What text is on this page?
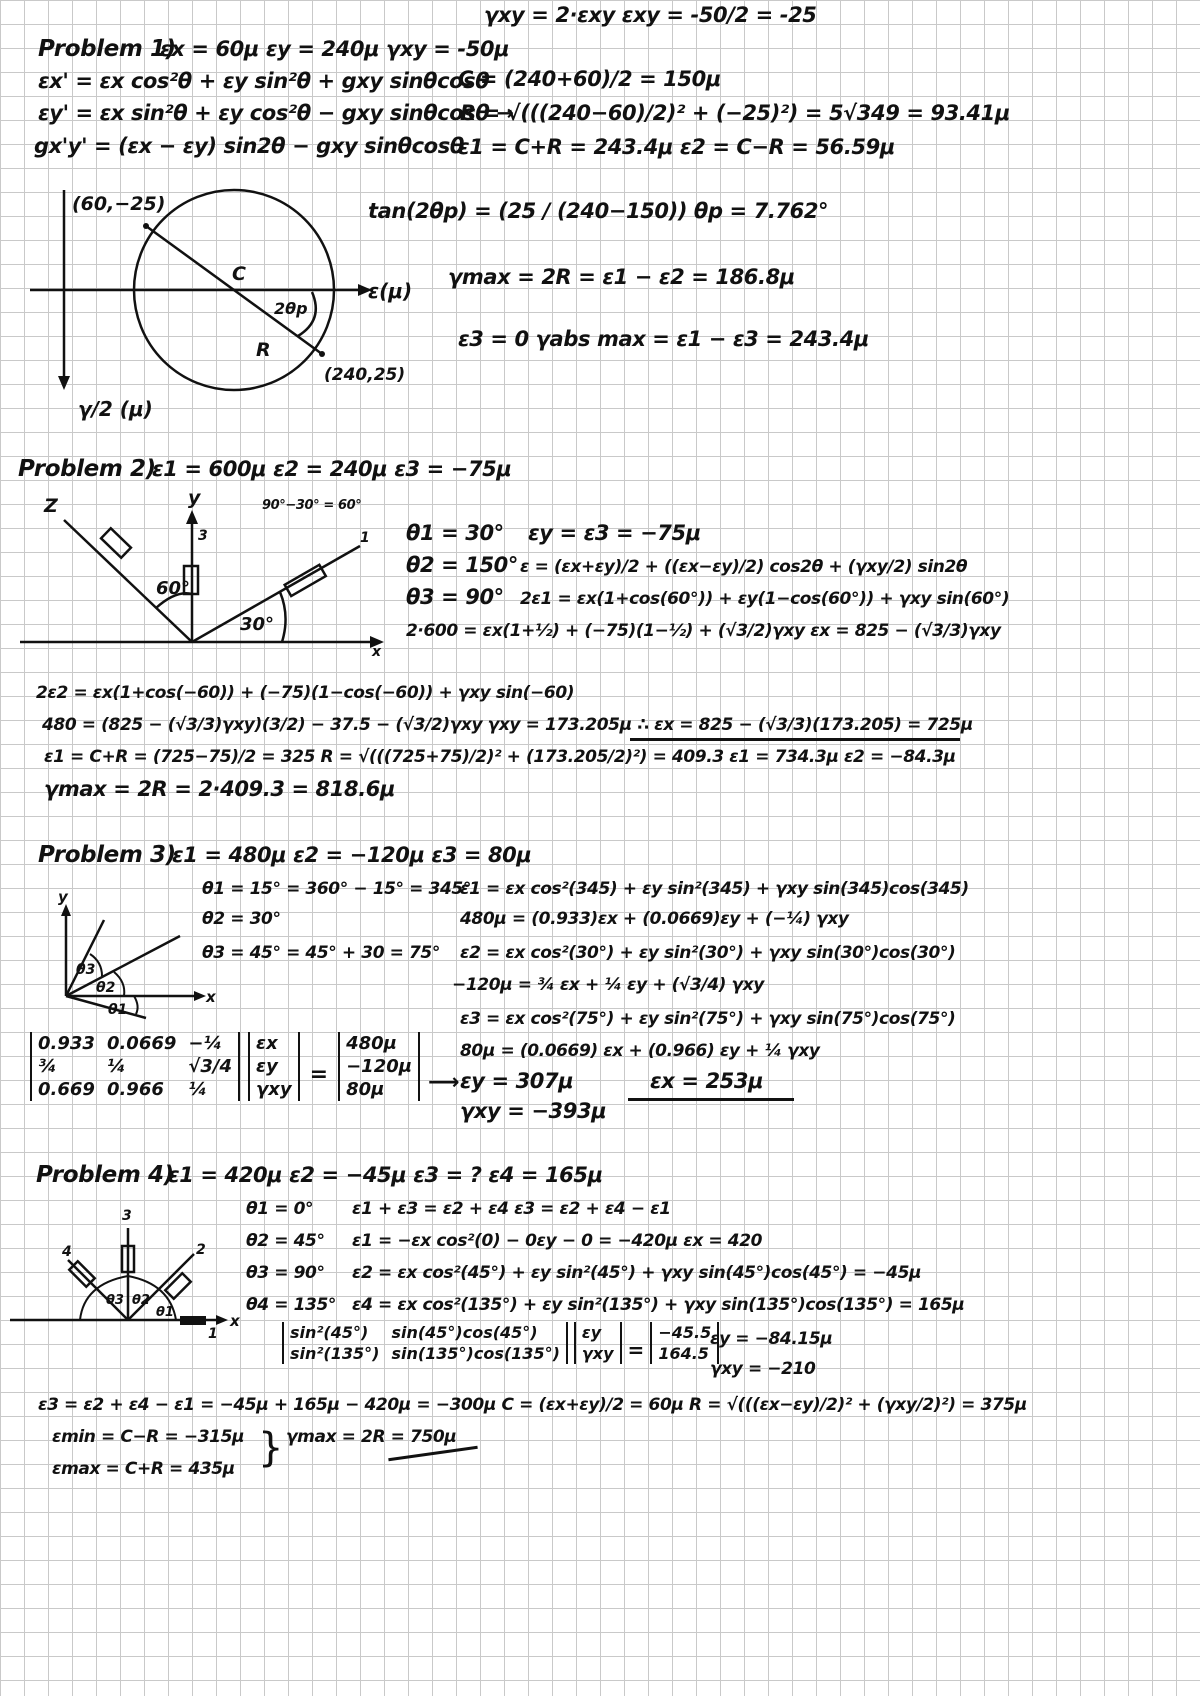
γxy = 2·εxy εxy = -50/2 = -25
Problem 1)
εx = 60μ εy = 240μ γxy = -50μ
εx' = εx cos²θ + εy sin²θ + gxy sinθcosθ
C = (240+60)/2 = 150μ
εy' = εx sin²θ + εy cos²θ − gxy sinθcosθ →
R = √(((240−60)/2)² + (−25)²) = 5√349 = 93.41μ
gx'y' = (εx − εy) sin2θ − gxy sinθcosθ
ε1 = C+R = 243.4μ ε2 = C−R = 56.59μ
tan(2θp) = (25 / (240−150)) θp = 7.762°
γmax = 2R = ε1 − ε2 = 186.8μ
ε3 = 0 γabs max = ε1 − ε3 = 243.4μ
(60,−25)
(240,25)
C
R
2θp
ε(μ)
γ/2 (μ)
Problem 2)
ε1 = 600μ ε2 = 240μ ε3 = −75μ
90°−30° = 60°
θ1 = 30° εy = ε3 = −75μ
θ2 = 150° ε = (εx+εy)/2 + ((εx−εy)/2) cos2θ + (γxy/2) sin2θ
θ3 = 90° 2ε1 = εx(1+cos(60°)) + εy(1−cos(60°)) + γxy sin(60°)
2·600 = εx(1+½) + (−75)(1−½) + (√3/2)γxy εx = 825 − (√3/3)γxy
Z	y
3	1
x
60°
30°
2ε2 = εx(1+cos(−60)) + (−75)(1−cos(−60)) + γxy sin(−60)
480 = (825 − (√3/3)γxy)(3/2) − 37.5 − (√3/2)γxy γxy = 173.205μ ∴ εx = 825 − (√3/3)(173.205) = 725μ
ε1 = C+R = (725−75)/2 = 325 R = √(((725+75)/2)² + (173.205/2)²) = 409.3 ε1 = 734.3μ ε2 = −84.3μ
γmax = 2R = 2·409.3 = 818.6μ
Problem 3)
ε1 = 480μ ε2 = −120μ ε3 = 80μ
θ1 = 15° = 360° − 15° = 345°
ε1 = εx cos²(345) + εy sin²(345) + γxy sin(345)cos(345)
θ2 = 30°	480μ = (0.933)εx + (0.0669)εy + (−¼) γxy
θ3 = 45° = 45° + 30 = 75° ε2 = εx cos²(30°) + εy sin²(30°) + γxy sin(30°)cos(30°)
−120μ = ¾ εx + ¼ εy + (√3/4) γxy
ε3 = εx cos²(75°) + εy sin²(75°) + γxy sin(75°)cos(75°)
80μ = (0.0669) εx + (0.966) εy + ¼ γxy
εy = 307μ	εx = 253μ
γxy = −393μ
y
x
θ3
θ2
θ1
0.933	0.0669	−¼
¾	¼	√3/4
0.669	0.966	¼
εx
εy
γxy
=
480μ
−120μ
80μ ⟶
Problem 4)
ε1 = 420μ ε2 = −45μ ε3 = ? ε4 = 165μ
θ1 = 0° ε1 + ε3 = ε2 + ε4 ε3 = ε2 + ε4 − ε1
θ2 = 45° ε1 = −εx cos²(0) − 0εy − 0 = −420μ εx = 420
θ3 = 90° ε2 = εx cos²(45°) + εy sin²(45°) + γxy sin(45°)cos(45°) = −45μ
θ4 = 135° ε4 = εx cos²(135°) + εy sin²(135°) + γxy sin(135°)cos(135°) = 165μ
3
2
4
1
x
θ3 θ2
θ1
sin²(45°)	sin(45°)cos(45°)
sin²(135°)	sin(135°)cos(135°)
εy
γxy =
−45.5
164.5
εy = −84.15μ
γxy = −210
ε3 = ε2 + ε4 − ε1 = −45μ + 165μ − 420μ = −300μ C = (εx+εy)/2 = 60μ R = √(((εx−εy)/2)² + (γxy/2)²) = 375μ
εmin = C−R = −315μ
εmax = C+R = 435μ } γmax = 2R = 750μ
